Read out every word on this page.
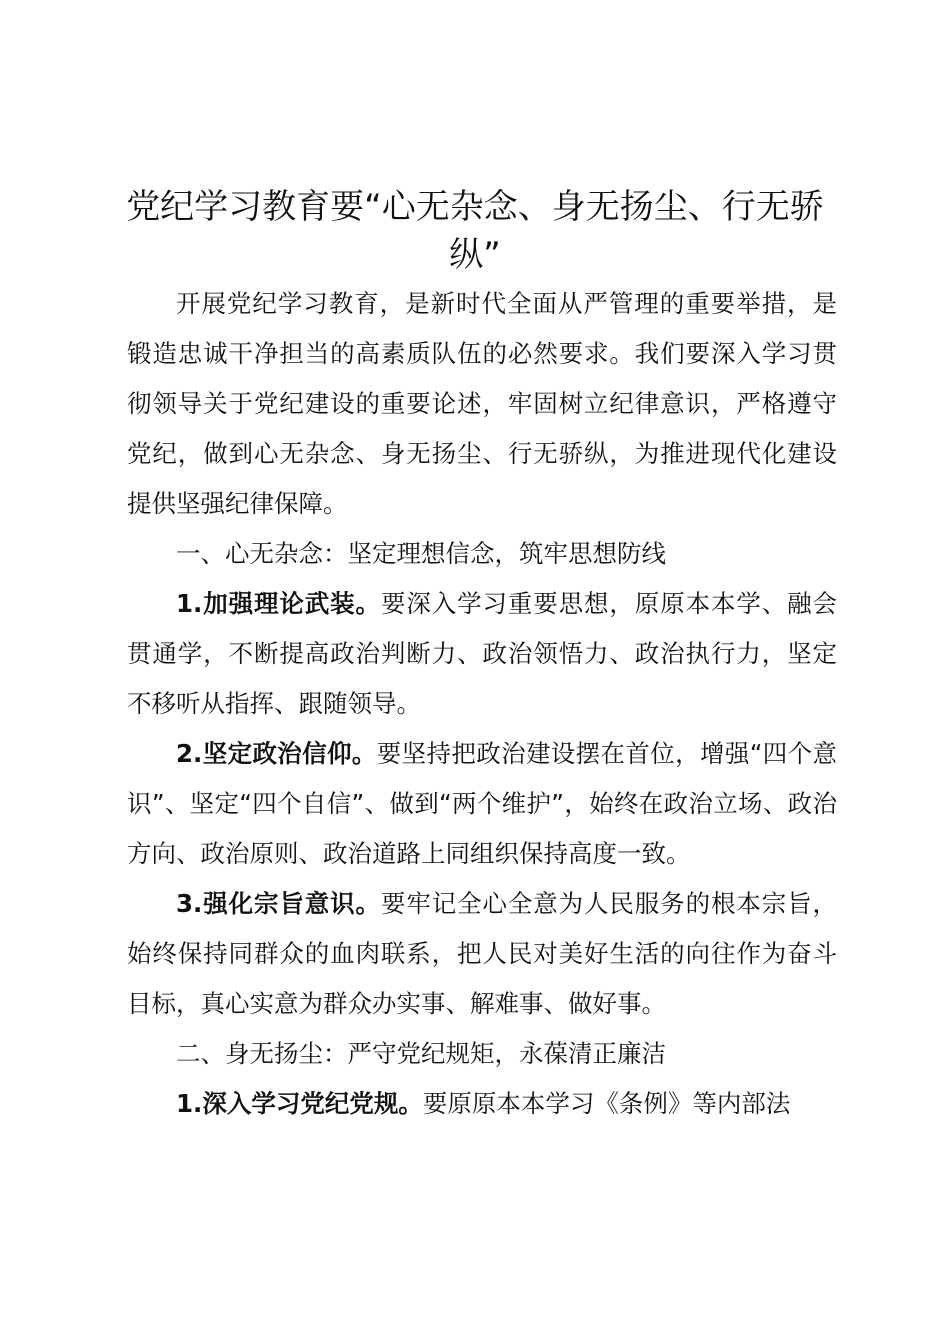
党纪学习教育要“心无杂念、身无扬尘、行无骄纵”

开展党纪学习教育，是新时代全面从严管理的重要举措，是锻造忠诚干净担当的高素质队伍的必然要求。我们要深入学习贯彻领导关于党纪建设的重要论述，牢固树立纪律意识，严格遵守党纪，做到心无杂念、身无扬尘、行无骄纵，为推进现代化建设提供坚强纪律保障。

一、心无杂念：坚定理想信念，筑牢思想防线

1.加强理论武装。要深入学习重要思想，原原本本学、融会贯通学，不断提高政治判断力、政治领悟力、政治执行力，坚定不移听从指挥、跟随领导。

2.坚定政治信仰。要坚持把政治建设摆在首位，增强“四个意识”、坚定“四个自信”、做到“两个维护”，始终在政治立场、政治方向、政治原则、政治道路上同组织保持高度一致。

3.强化宗旨意识。要牢记全心全意为人民服务的根本宗旨，始终保持同群众的血肉联系，把人民对美好生活的向往作为奋斗目标，真心实意为群众办实事、解难事、做好事。

二、身无扬尘：严守党纪规矩，永葆清正廉洁

1.深入学习党纪党规。要原原本本学习《条例》等内部法
